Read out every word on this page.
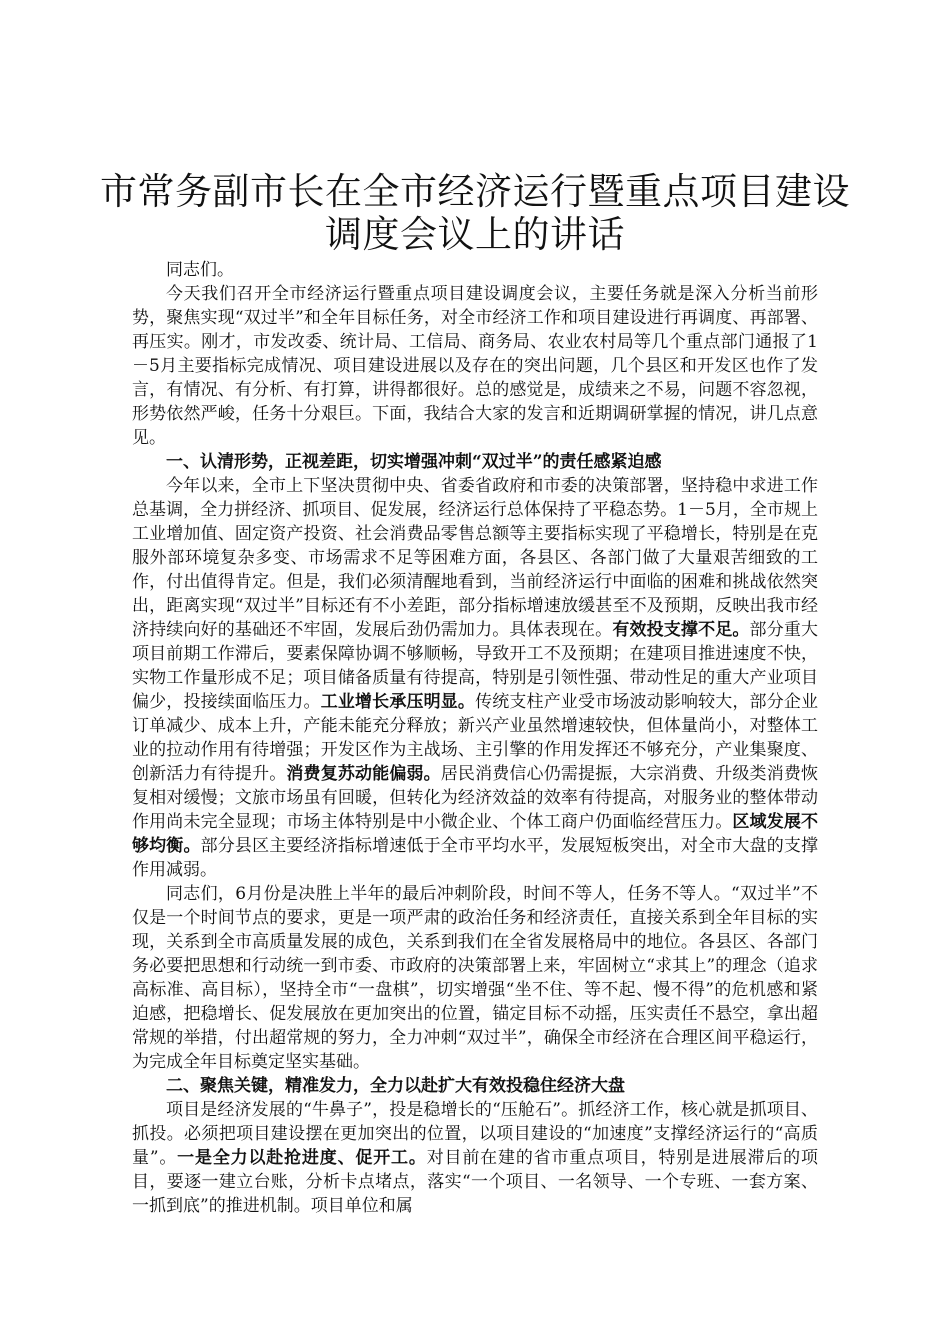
市常务副市长在全市经济运行暨重点项目建设
调度会议上的讲话

同志们。

今天我们召开全市经济运行暨重点项目建设调度会议，主要任务就是深入分析当前形势，聚焦实现“双过半”和全年目标任务，对全市经济工作和项目建设进行再调度、再部署、再压实。刚才，市发改委、统计局、工信局、商务局、农业农村局等几个重点部门通报了1－5月主要指标完成情况、项目建设进展以及存在的突出问题，几个县区和开发区也作了发言，有情况、有分析、有打算，讲得都很好。总的感觉是，成绩来之不易，问题不容忽视，形势依然严峻，任务十分艰巨。下面，我结合大家的发言和近期调研掌握的情况，讲几点意见。

一、认清形势，正视差距，切实增强冲刺“双过半”的责任感紧迫感

今年以来，全市上下坚决贯彻中央、省委省政府和市委的决策部署，坚持稳中求进工作总基调，全力拼经济、抓项目、促发展，经济运行总体保持了平稳态势。1－5月，全市规上工业增加值、固定资产投资、社会消费品零售总额等主要指标实现了平稳增长，特别是在克服外部环境复杂多变、市场需求不足等困难方面，各县区、各部门做了大量艰苦细致的工作，付出值得肯定。但是，我们必须清醒地看到，当前经济运行中面临的困难和挑战依然突出，距离实现“双过半”目标还有不小差距，部分指标增速放缓甚至不及预期，反映出我市经济持续向好的基础还不牢固，发展后劲仍需加力。具体表现在。有效投支撑不足。部分重大项目前期工作滞后，要素保障协调不够顺畅，导致开工不及预期；在建项目推进速度不快，实物工作量形成不足；项目储备质量有待提高，特别是引领性强、带动性足的重大产业项目偏少，投接续面临压力。工业增长承压明显。传统支柱产业受市场波动影响较大，部分企业订单减少、成本上升，产能未能充分释放；新兴产业虽然增速较快，但体量尚小，对整体工业的拉动作用有待增强；开发区作为主战场、主引擎的作用发挥还不够充分，产业集聚度、创新活力有待提升。消费复苏动能偏弱。居民消费信心仍需提振，大宗消费、升级类消费恢复相对缓慢；文旅市场虽有回暖，但转化为经济效益的效率有待提高，对服务业的整体带动作用尚未完全显现；市场主体特别是中小微企业、个体工商户仍面临经营压力。区域发展不够均衡。部分县区主要经济指标增速低于全市平均水平，发展短板突出，对全市大盘的支撑作用减弱。

同志们，6月份是决胜上半年的最后冲刺阶段，时间不等人，任务不等人。“双过半”不仅是一个时间节点的要求，更是一项严肃的政治任务和经济责任，直接关系到全年目标的实现，关系到全市高质量发展的成色，关系到我们在全省发展格局中的地位。各县区、各部门务必要把思想和行动统一到市委、市政府的决策部署上来，牢固树立“求其上”的理念（追求高标准、高目标），坚持全市“一盘棋”，切实增强“坐不住、等不起、慢不得”的危机感和紧迫感，把稳增长、促发展放在更加突出的位置，锚定目标不动摇，压实责任不悬空，拿出超常规的举措，付出超常规的努力，全力冲刺“双过半”，确保全市经济在合理区间平稳运行，为完成全年目标奠定坚实基础。

二、聚焦关键，精准发力，全力以赴扩大有效投稳住经济大盘

项目是经济发展的“牛鼻子”，投是稳增长的“压舱石”。抓经济工作，核心就是抓项目、抓投。必须把项目建设摆在更加突出的位置，以项目建设的“加速度”支撑经济运行的“高质量”。一是全力以赴抢进度、促开工。对目前在建的省市重点项目，特别是进展滞后的项目，要逐一建立台账，分析卡点堵点，落实“一个项目、一名领导、一个专班、一套方案、一抓到底”的推进机制。项目单位和属
